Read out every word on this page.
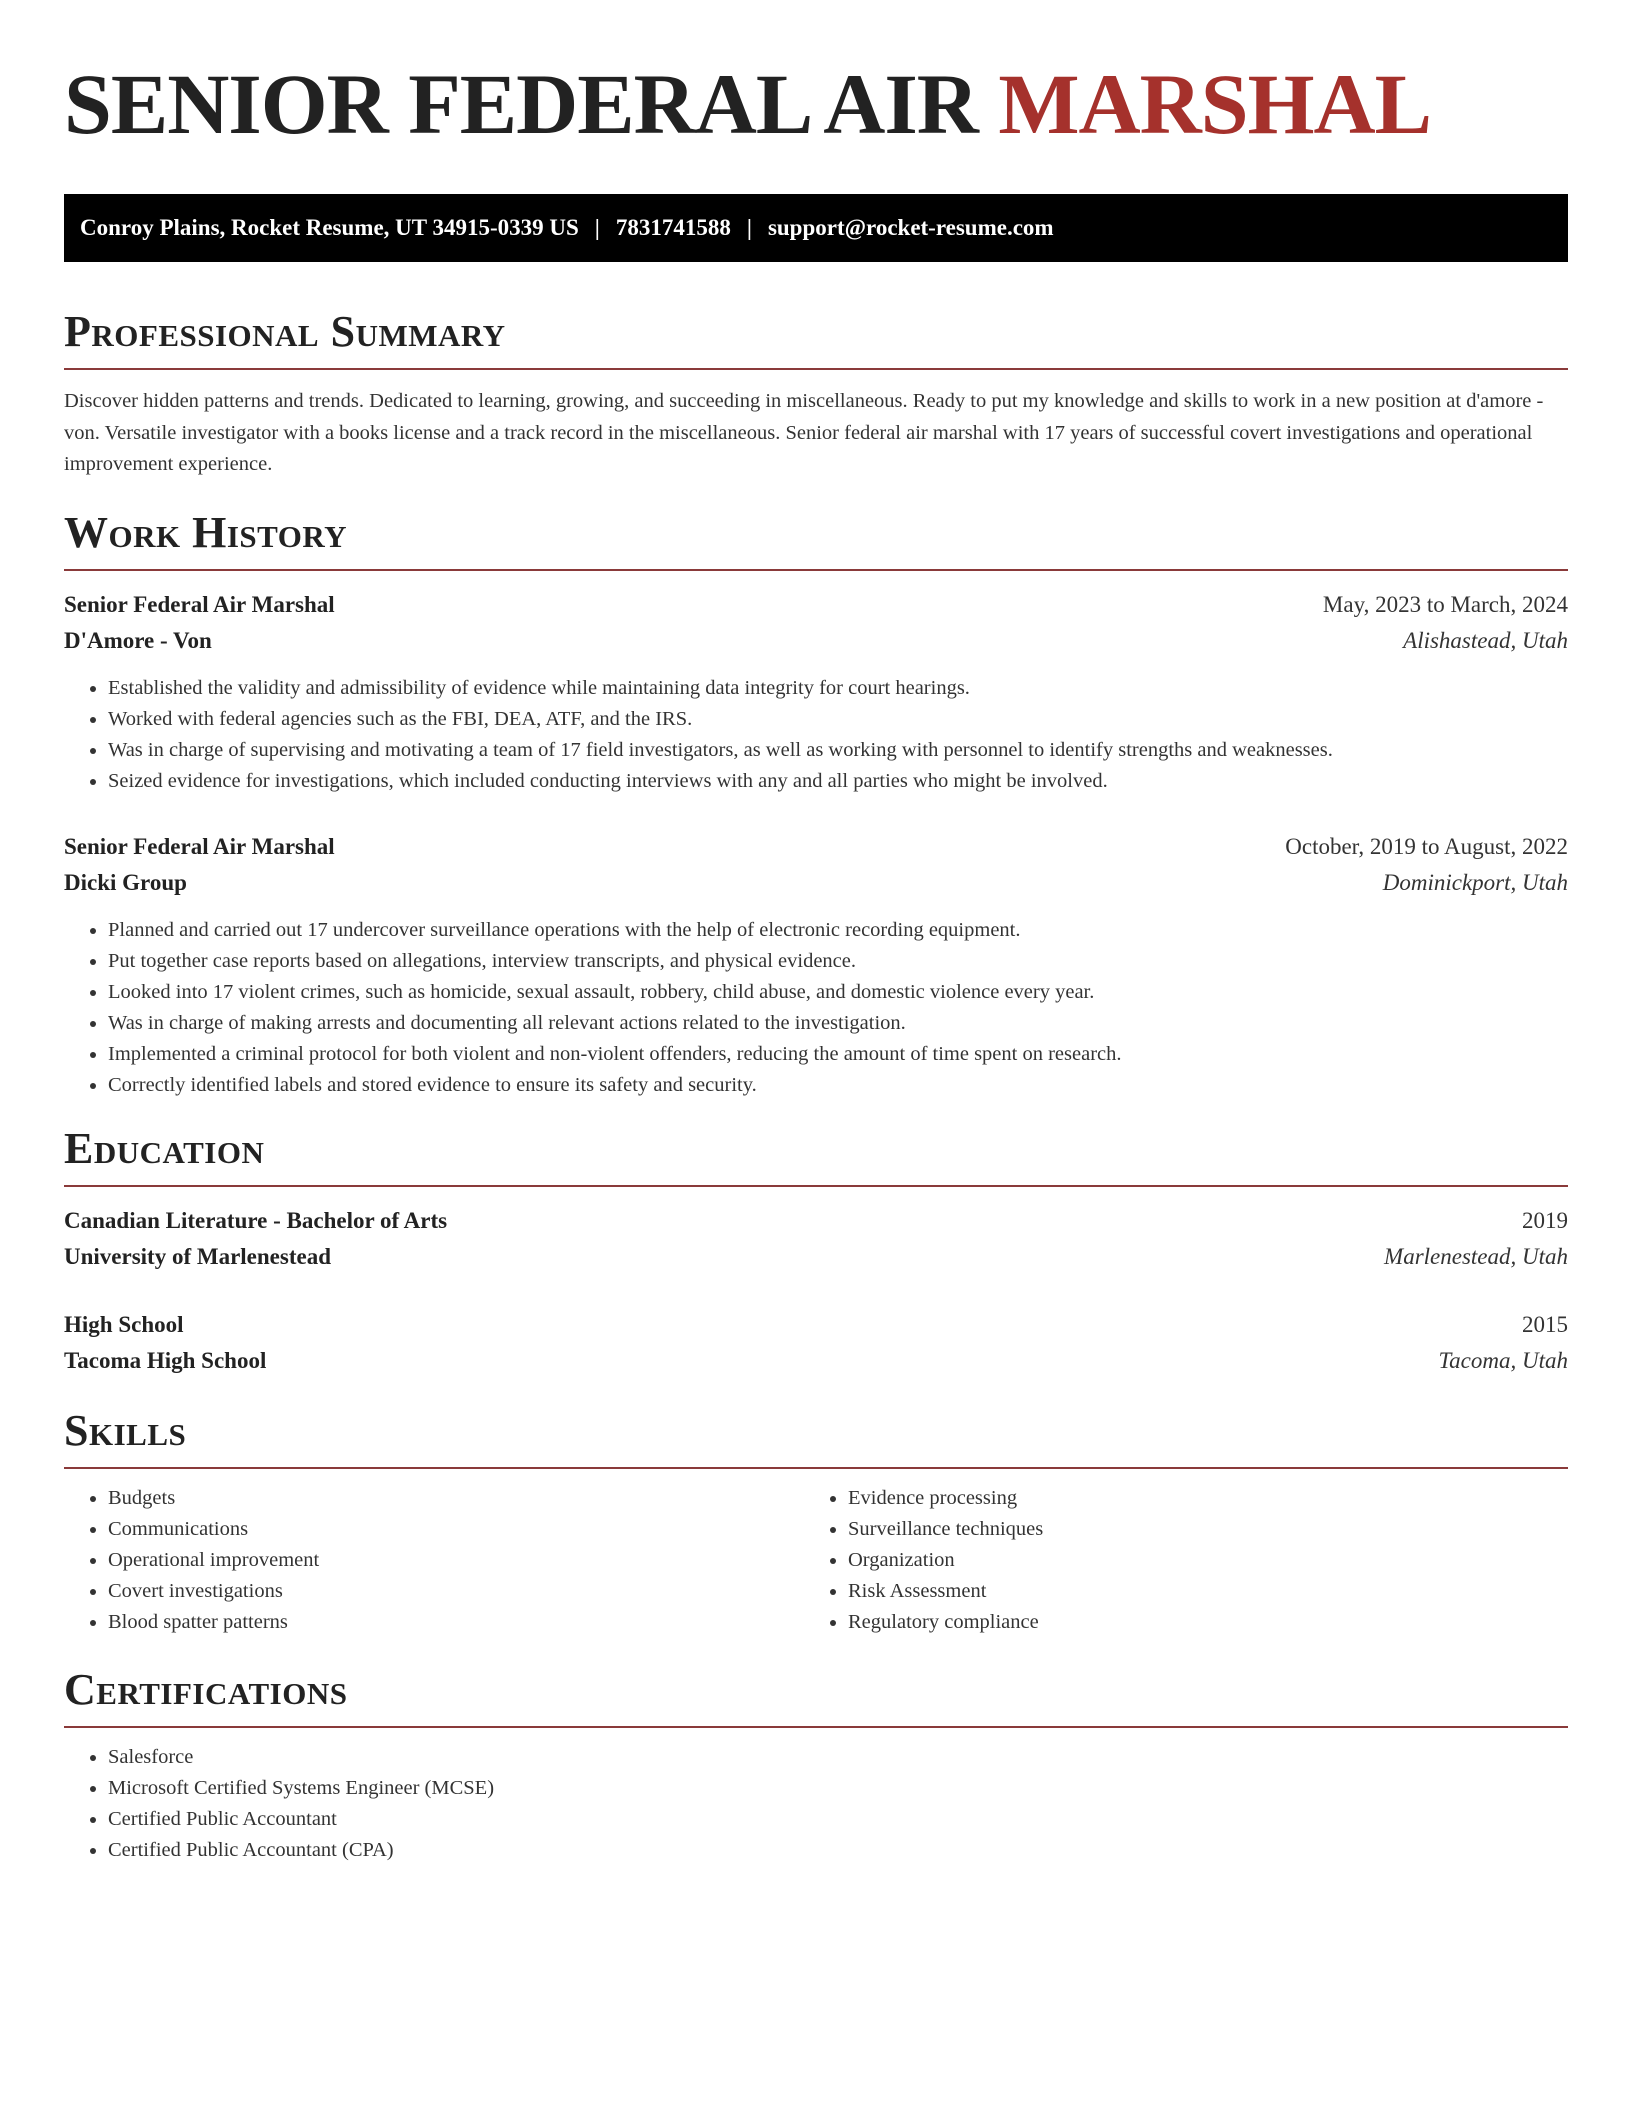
SENIOR FEDERAL AIR MARSHAL
Conroy Plains, Rocket Resume, UT 34915-0339 US | 7831741588 | support@rocket-resume.com
Professional Summary

Discover hidden patterns and trends. Dedicated to learning, growing, and succeeding in miscellaneous. Ready to put my knowledge and skills to work in a new position at d'amore - von. Versatile investigator with a books license and a track record in the miscellaneous. Senior federal air marshal with 17 years of successful covert investigations and operational improvement experience.

Work History
Senior Federal Air Marshal	May, 2023 to March, 2024
D'Amore - Von	Alishastead, Utah
• Established the validity and admissibility of evidence while maintaining data integrity for court hearings.
• Worked with federal agencies such as the FBI, DEA, ATF, and the IRS.
• Was in charge of supervising and motivating a team of 17 field investigators, as well as working with personnel to identify strengths and weaknesses.
• Seized evidence for investigations, which included conducting interviews with any and all parties who might be involved.
Senior Federal Air Marshal	October, 2019 to August, 2022
Dicki Group	Dominickport, Utah
• Planned and carried out 17 undercover surveillance operations with the help of electronic recording equipment.
• Put together case reports based on allegations, interview transcripts, and physical evidence.
• Looked into 17 violent crimes, such as homicide, sexual assault, robbery, child abuse, and domestic violence every year.
• Was in charge of making arrests and documenting all relevant actions related to the investigation.
• Implemented a criminal protocol for both violent and non-violent offenders, reducing the amount of time spent on research.
• Correctly identified labels and stored evidence to ensure its safety and security.
Education
Canadian Literature - Bachelor of Arts	2019
University of Marlenestead	Marlenestead, Utah
High School	2015
Tacoma High School	Tacoma, Utah
Skills
• Budgets
• Communications
• Operational improvement
• Covert investigations
• Blood spatter patterns
• Evidence processing
• Surveillance techniques
• Organization
• Risk Assessment
• Regulatory compliance
Certifications
• Salesforce
• Microsoft Certified Systems Engineer (MCSE)
• Certified Public Accountant
• Certified Public Accountant (CPA)
